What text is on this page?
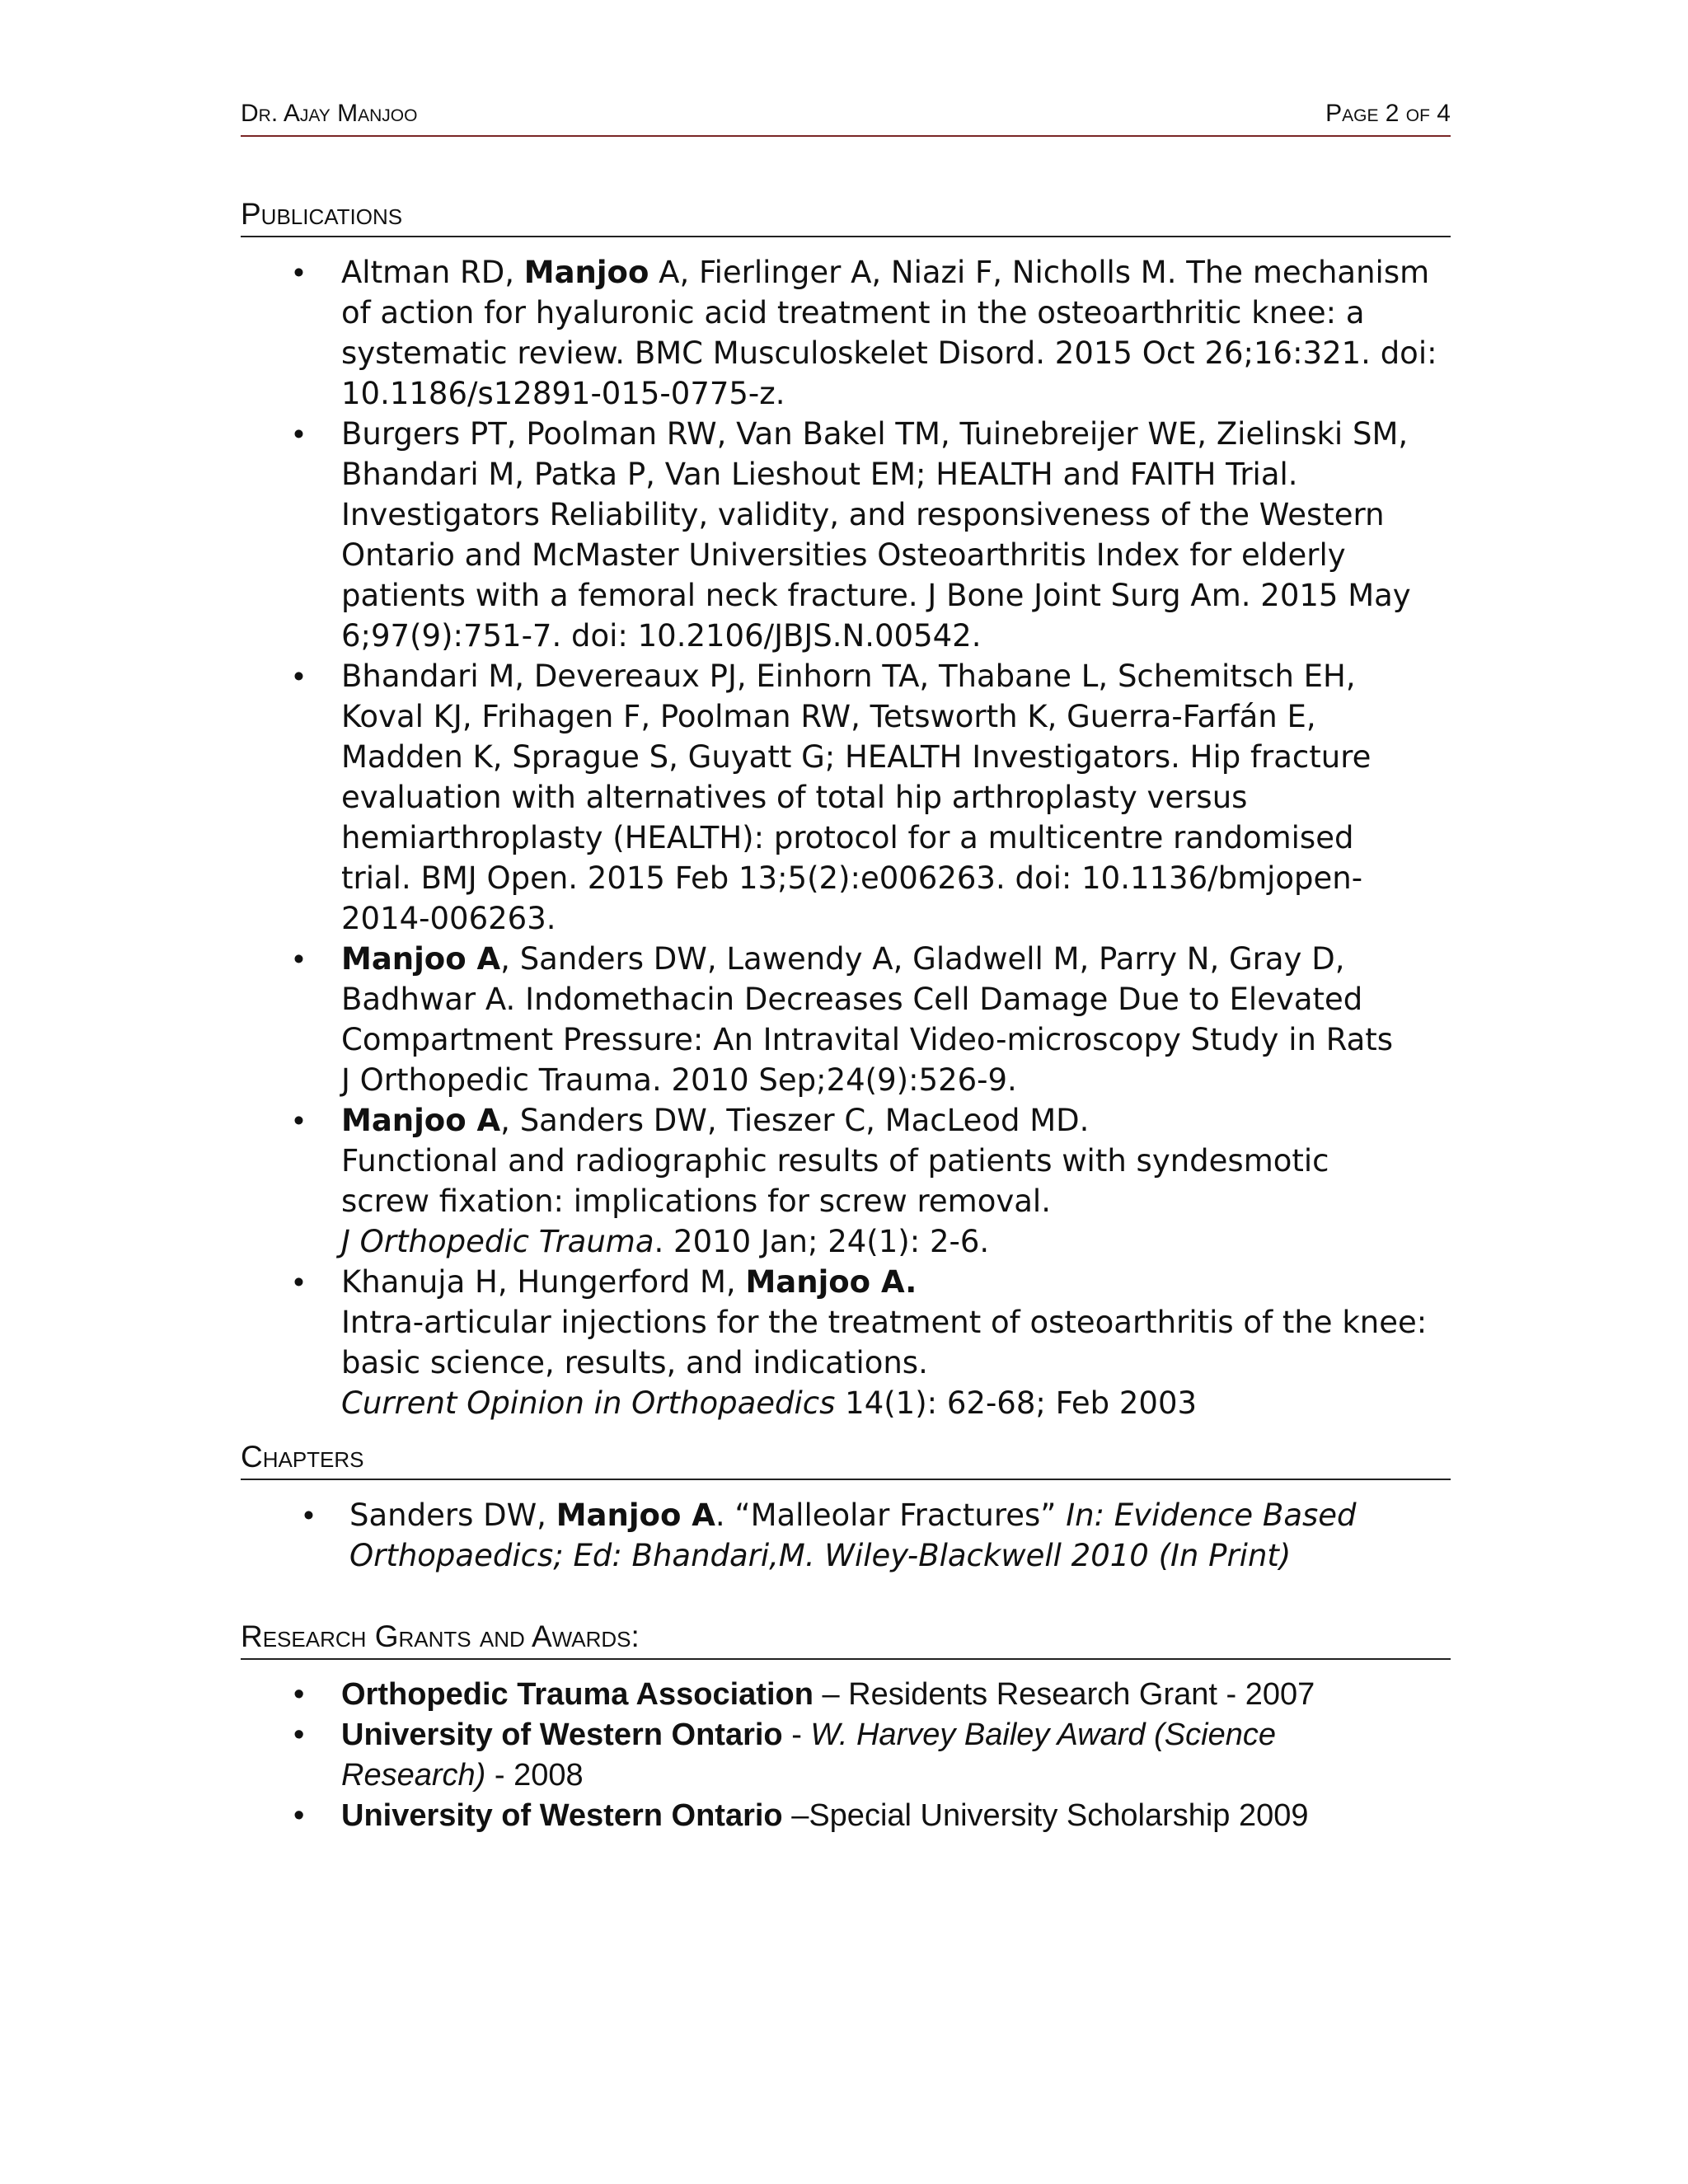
Dr. Ajay Manjoo	Page 2 of 4
Publications
• Altman RD, Manjoo A, Fierlinger A, Niazi F, Nicholls M. The mechanism
of action for hyaluronic acid treatment in the osteoarthritic knee: a
systematic review. BMC Musculoskelet Disord. 2015 Oct 26;16:321. doi:
10.1186/s12891-015-0775-z.
• Burgers PT, Poolman RW, Van Bakel TM, Tuinebreijer WE, Zielinski SM,
Bhandari M, Patka P, Van Lieshout EM; HEALTH and FAITH Trial.
Investigators Reliability, validity, and responsiveness of the Western
Ontario and McMaster Universities Osteoarthritis Index for elderly
patients with a femoral neck fracture. J Bone Joint Surg Am. 2015 May
6;97(9):751-7. doi: 10.2106/JBJS.N.00542.
• Bhandari M, Devereaux PJ, Einhorn TA, Thabane L, Schemitsch EH,
Koval KJ, Frihagen F, Poolman RW, Tetsworth K, Guerra-Farfán E,
Madden K, Sprague S, Guyatt G; HEALTH Investigators. Hip fracture
evaluation with alternatives of total hip arthroplasty versus
hemiarthroplasty (HEALTH): protocol for a multicentre randomised
trial. BMJ Open. 2015 Feb 13;5(2):e006263. doi: 10.1136/bmjopen-
2014-006263.
• Manjoo A, Sanders DW, Lawendy A, Gladwell M, Parry N, Gray D,
Badhwar A. Indomethacin Decreases Cell Damage Due to Elevated
Compartment Pressure: An Intravital Video-microscopy Study in Rats
J Orthopedic Trauma. 2010 Sep;24(9):526-9.
• Manjoo A, Sanders DW, Tieszer C, MacLeod MD.
Functional and radiographic results of patients with syndesmotic
screw fixation: implications for screw removal.
J Orthopedic Trauma. 2010 Jan; 24(1): 2-6.
• Khanuja H, Hungerford M, Manjoo A.
Intra-articular injections for the treatment of osteoarthritis of the knee:
basic science, results, and indications.
Current Opinion in Orthopaedics 14(1): 62-68; Feb 2003
Chapters
• Sanders DW, Manjoo A. “Malleolar Fractures” In: Evidence Based
Orthopaedics; Ed: Bhandari,M. Wiley-Blackwell 2010 (In Print)
Research Grants and Awards:
• Orthopedic Trauma Association – Residents Research Grant - 2007
• University of Western Ontario - W. Harvey Bailey Award (Science
Research) - 2008
• University of Western Ontario –Special University Scholarship 2009
